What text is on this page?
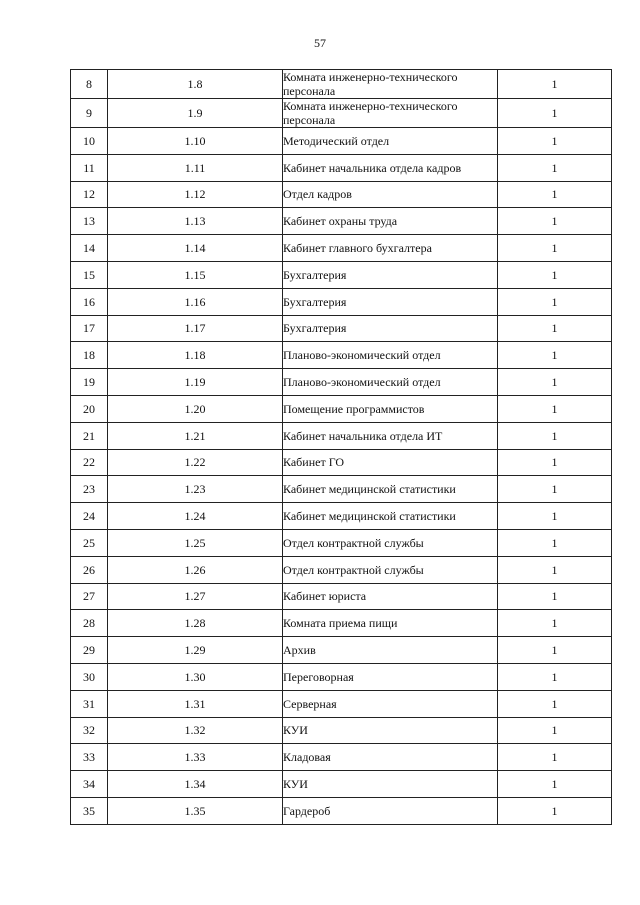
57
8	1.8	Комната инженерно-технического персонала	1
9	1.9	Комната инженерно-технического персонала	1
10	1.10	Методический отдел	1
11	1.11	Кабинет начальника отдела кадров	1
12	1.12	Отдел кадров	1
13	1.13	Кабинет охраны труда	1
14	1.14	Кабинет главного бухгалтера	1
15	1.15	Бухгалтерия	1
16	1.16	Бухгалтерия	1
17	1.17	Бухгалтерия	1
18	1.18	Планово-экономический отдел	1
19	1.19	Планово-экономический отдел	1
20	1.20	Помещение программистов	1
21	1.21	Кабинет начальника отдела ИТ	1
22	1.22	Кабинет ГО	1
23	1.23	Кабинет медицинской статистики	1
24	1.24	Кабинет медицинской статистики	1
25	1.25	Отдел контрактной службы	1
26	1.26	Отдел контрактной службы	1
27	1.27	Кабинет юриста	1
28	1.28	Комната приема пищи	1
29	1.29	Архив	1
30	1.30	Переговорная	1
31	1.31	Серверная	1
32	1.32	КУИ	1
33	1.33	Кладовая	1
34	1.34	КУИ	1
35	1.35	Гардероб	1
